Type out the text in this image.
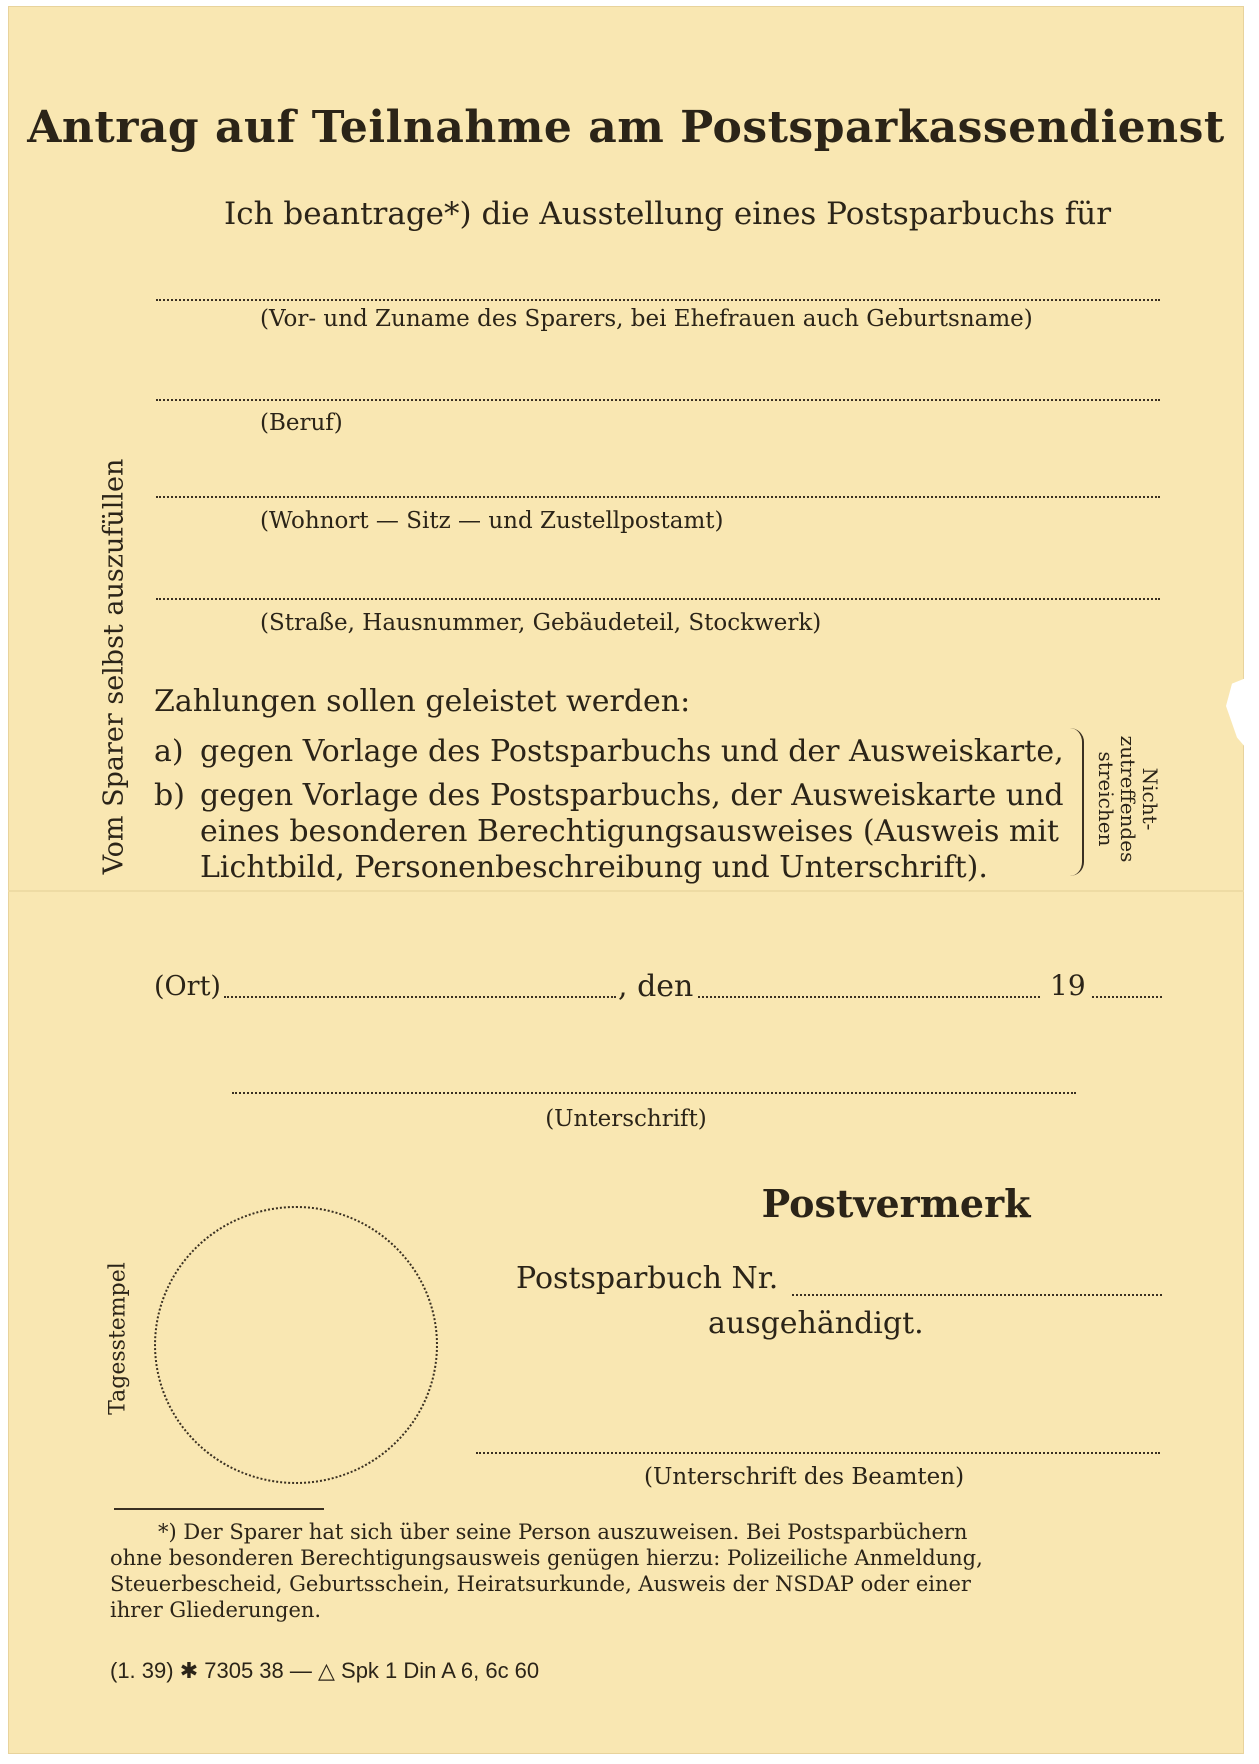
Antrag auf Teilnahme am Postsparkassendienst
Ich beantrage*) die Ausstellung eines Postsparbuchs für
(Vor- und Zuname des Sparers, bei Ehefrauen auch Geburtsname)
(Beruf)
(Wohnort — Sitz — und Zustellpostamt)
(Straße, Hausnummer, Gebäudeteil, Stockwerk)
Vom Sparer selbst auszufüllen Zahlungen sollen geleistet werden:
a) gegen Vorlage des Postsparbuchs und der Ausweiskarte,
b) gegen Vorlage des Postsparbuchs, der Ausweiskarte und
eines besonderen Berechtigungsausweises (Ausweis mit
Lichtbild, Personenbeschreibung und Unterschrift).
Nicht-
zutreffendes
streichen
(Ort)	, den	19
(Unterschrift)
Tagesstempel
Postvermerk
Postsparbuch Nr.
ausgehändigt.
(Unterschrift des Beamten)
*) Der Sparer hat sich über seine Person auszuweisen. Bei Postsparbüchern
ohne besonderen Berechtigungsausweis genügen hierzu: Polizeiliche Anmeldung,
Steuerbescheid, Geburtsschein, Heiratsurkunde, Ausweis der NSDAP oder einer
ihrer Gliederungen.
(1. 39) ✱ 7305 38 — △ Spk 1 Din A 6, 6c 60
